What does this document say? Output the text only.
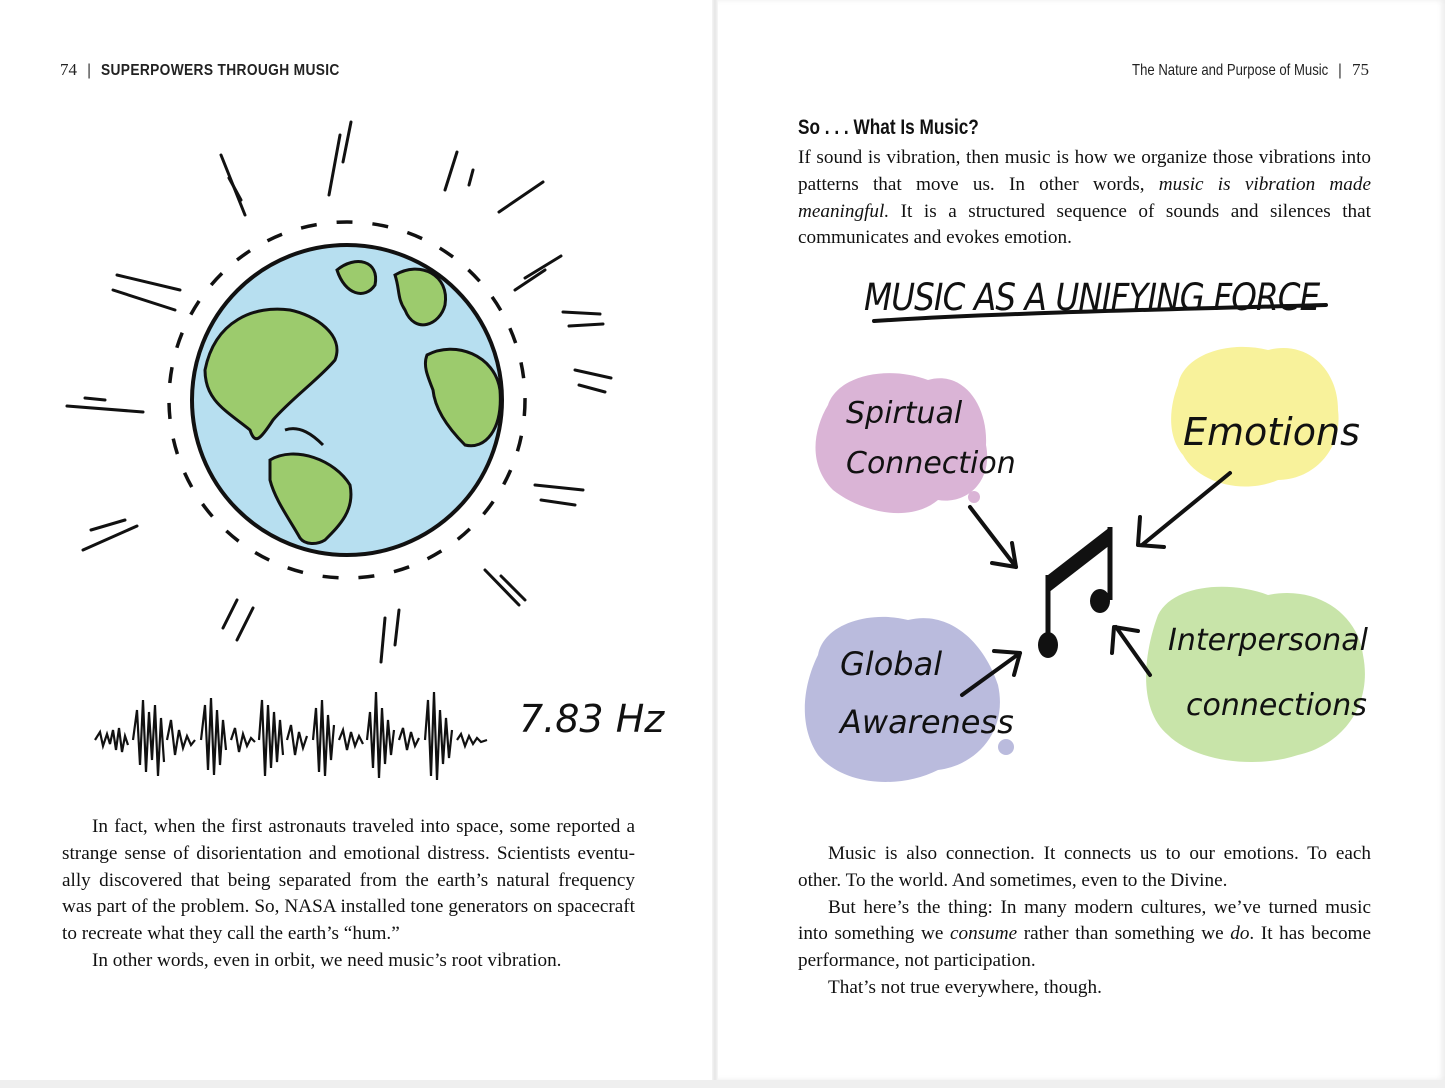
74 | SUPERPOWERS THROUGH MUSIC	The Nature and Purpose of Music | 75
7.83 Hz

In fact, when the first astronauts traveled into space, some reported a strange sense of disorientation and emotional distress. Scientists eventually discovered that being separated from the earth’s natural frequency was part of the problem. So, NASA installed tone generators on spacecraft to recreate what they call the earth’s “hum.”

In other words, even in orbit, we need music’s root vibration.

So . . . What Is Music?

If sound is vibration, then music is how we organize those vibrations into patterns that move us. In other words, music is vibration made meaningful. It is a structured sequence of sounds and silences that communicates and evokes emotion.

MUSIC AS A UNIFYING FORCE
Spirtual
Connection
Emotions
Global
Awareness
Interpersonal
connections

Music is also connection. It connects us to our emotions. To each other. To the world. And sometimes, even to the Divine.

But here’s the thing: In many modern cultures, we’ve turned music into something we consume rather than something we do. It has become performance, not participation.

That’s not true everywhere, though.
